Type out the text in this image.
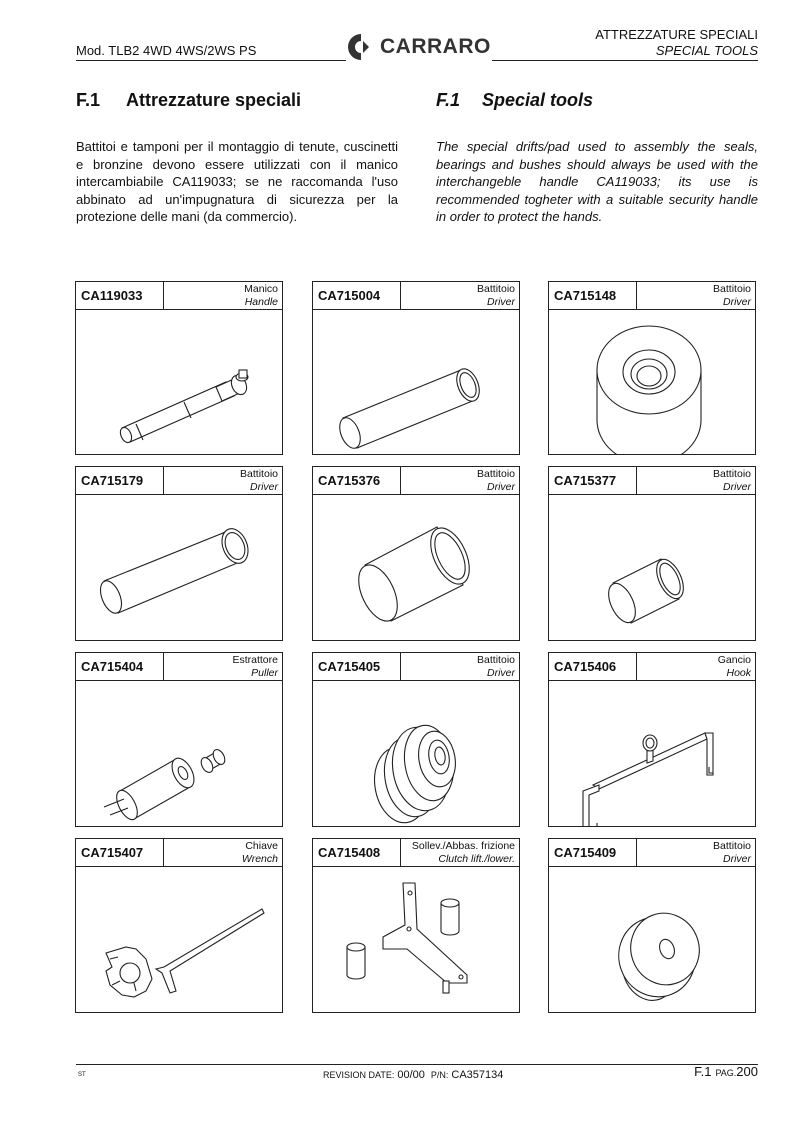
Mod. TLB2 4WD 4WS/2WS PS	CARRARO
ATTREZZATURE SPECIALI
SPECIAL TOOLS
F.1 Attrezzature speciali	F.1 Special tools
Battitoi e tamponi per il montaggio di tenute, cuscinetti e bronzine devono essere utilizzati con il manico intercambiabile CA119033; se ne raccomanda l'uso abbinato ad un'impugnatura di sicurezza per la protezione delle mani (da commercio).
The special drifts/pad used to assembly the seals, bearings and bushes should always be used with the interchangeble handle CA119033; its use is recommended togheter with a suitable security handle in order to protect the hands.
CA119033	Manico
Handle	CA715004	Battitoio
Driver	CA715148	Battitoio
Driver
CA715179	Battitoio
Driver	CA715376	Battitoio
Driver	CA715377	Battitoio
Driver
CA715404	Estrattore
Puller	CA715405	Battitoio
Driver	CA715406	Gancio
Hook
CA715407	Chiave
Wrench	CA715408	Sollev./Abbas. frizione
Clutch lift./lower.	CA715409	Battitoio
Driver
ST	REVISION DATE: 00/00 P/N: CA357134	F.1 PAG.200
